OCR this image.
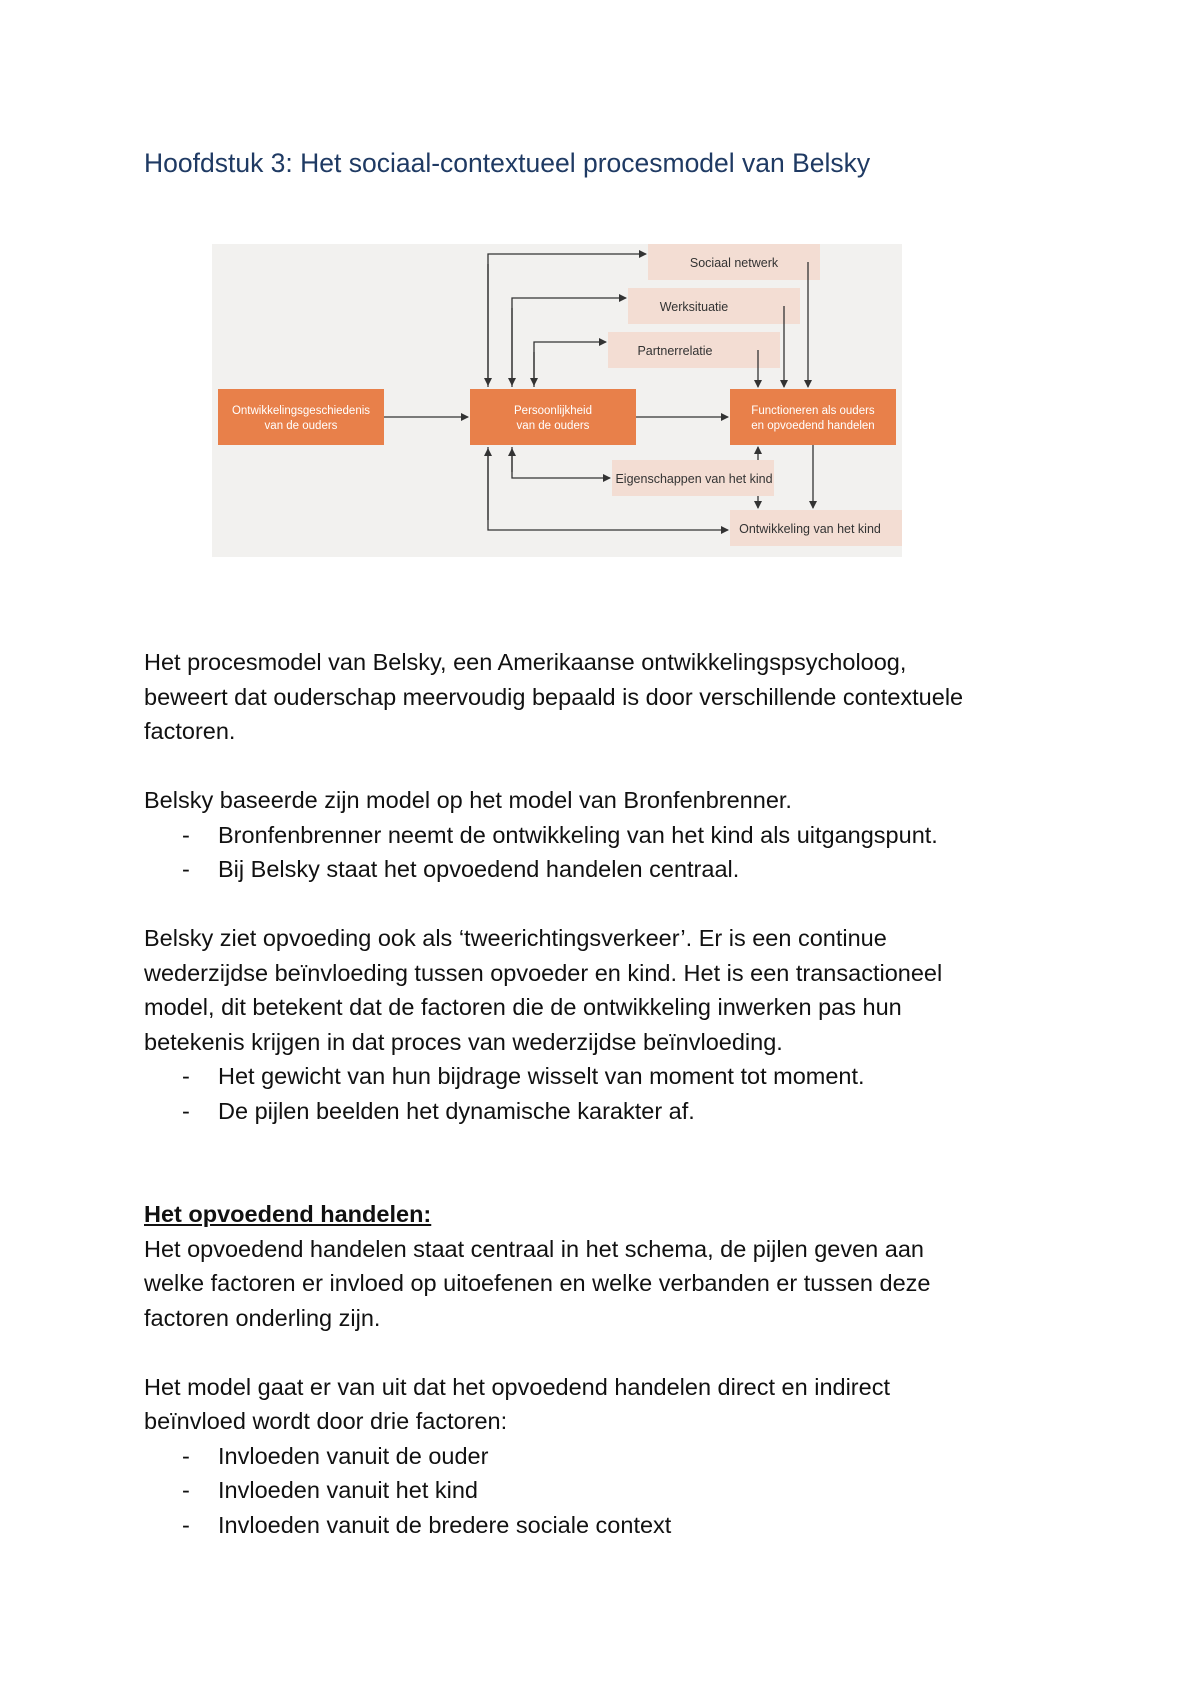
Hoofdstuk 3: Het sociaal-contextueel procesmodel van Belsky
Sociaal netwerk
Werksituatie
Partnerrelatie
Eigenschappen van het kind
Ontwikkeling van het kind
Ontwikkelingsgeschiedenis
van de ouders
Persoonlijkheid
van de ouders
Functioneren als ouders
en opvoedend handelen

Het procesmodel van Belsky, een Amerikaanse ontwikkelingspsycholoog,

beweert dat ouderschap meervoudig bepaald is door verschillende contextuele

factoren.

Belsky baseerde zijn model op het model van Bronfenbrenner.

- Bronfenbrenner neemt de ontwikkeling van het kind als uitgangspunt.

- Bij Belsky staat het opvoedend handelen centraal.

Belsky ziet opvoeding ook als ‘tweerichtingsverkeer’. Er is een continue

wederzijdse beïnvloeding tussen opvoeder en kind. Het is een transactioneel

model, dit betekent dat de factoren die de ontwikkeling inwerken pas hun

betekenis krijgen in dat proces van wederzijdse beïnvloeding.

- Het gewicht van hun bijdrage wisselt van moment tot moment.

- De pijlen beelden het dynamische karakter af.

Het opvoedend handelen:

Het opvoedend handelen staat centraal in het schema, de pijlen geven aan

welke factoren er invloed op uitoefenen en welke verbanden er tussen deze

factoren onderling zijn.

Het model gaat er van uit dat het opvoedend handelen direct en indirect

beïnvloed wordt door drie factoren:

- Invloeden vanuit de ouder

- Invloeden vanuit het kind

- Invloeden vanuit de bredere sociale context
